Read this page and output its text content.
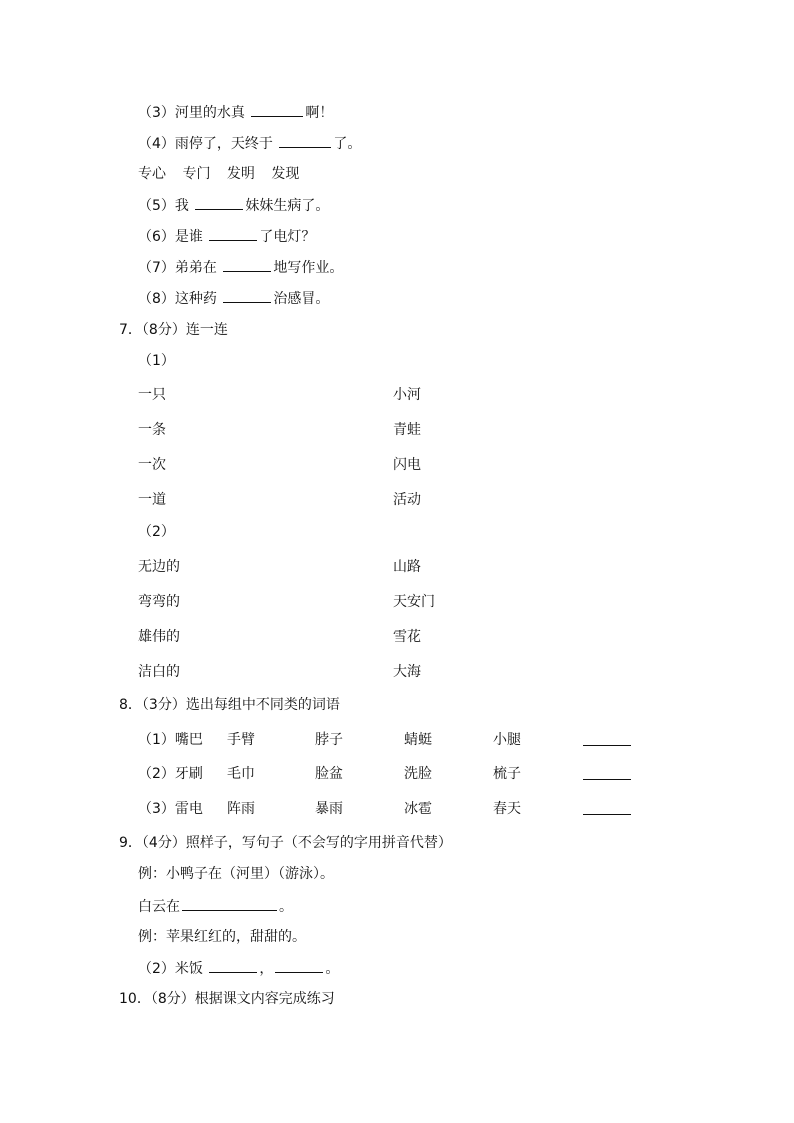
（3）河里的水真	啊！
（4）雨停了，天终于	了。
专心 专门 发明 发现
（5）我	妹妹生病了。
（6）是谁	了电灯？
（7）弟弟在	地写作业。
（8）这种药	治感冒。
7．（8分）连一连
（1）
一只	小河
一条	青蛙
一次	闪电
一道	活动
（2）
无边的	山路
弯弯的	天安门
雄伟的	雪花
洁白的	大海
8．（3分）选出每组中不同类的词语
（1）嘴巴 手臂	脖子	蜻蜓	小腿
（2）牙刷 毛巾	脸盆	洗脸	梳子
（3）雷电 阵雨	暴雨	冰雹	春天
9．（4分）照样子，写句子（不会写的字用拼音代替）
例：小鸭子在（河里）（游泳）。
白云在	。
例：苹果红红的，甜甜的。
（2）米饭	，	。
10．（8分）根据课文内容完成练习
